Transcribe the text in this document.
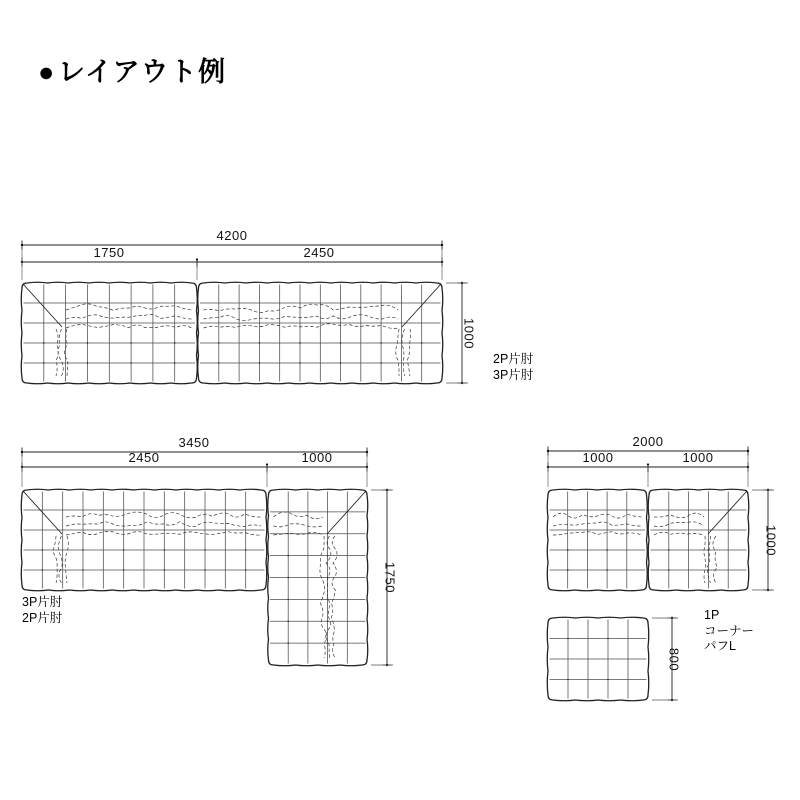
●レイアウト例
4200
1750	2450
1000
2P片肘
3P片肘
3450
2450	1000
1750
3P片肘
2P片肘
2000
1000	1000
1000
800
1P
コーナー
パフL
